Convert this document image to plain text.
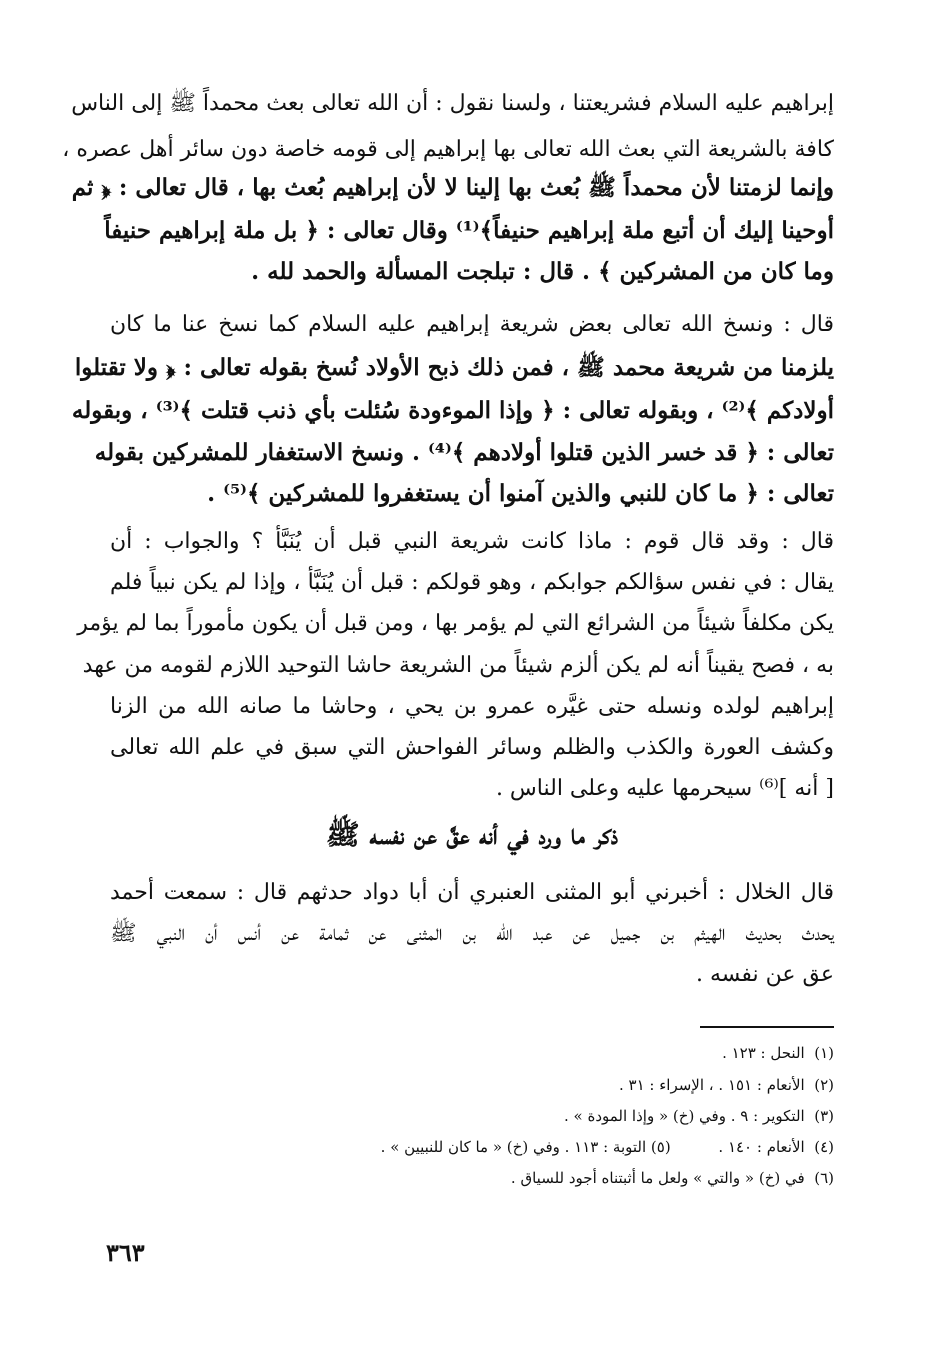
إبراهيم عليه السلام فشريعتنا ، ولسنا نقول : أن الله تعالى بعث محمداً ﷺ إلى الناس
كافة بالشريعة التي بعث الله تعالى بها إبراهيم إلى قومه خاصة دون سائر أهل عصره ،
وإنما لزمتنا لأن محمداً ﷺ بُعث بها إلينا لا لأن إبراهيم بُعث بها ، قال تعالى : ﴿ ثم
أوحينا إليك أن أتبع ملة إبراهيم حنيفاً﴾⁽¹⁾ وقال تعالى : ﴿ بل ملة إبراهيم حنيفاً
وما كان من المشركين ﴾ . قال : تبلجت المسألة والحمد لله .
قال : ونسخ الله تعالى بعض شريعة إبراهيم عليه السلام كما نسخ عنا ما كان
يلزمنا من شريعة محمد ﷺ ، فمن ذلك ذبح الأولاد نُسخ بقوله تعالى : ﴿ ولا تقتلوا
أولادكم ﴾⁽²⁾ ، وبقوله تعالى : ﴿ وإذا الموءودة سُئلت بأي ذنب قتلت ﴾⁽³⁾ ، وبقوله
تعالى : ﴿ قد خسر الذين قتلوا أولادهم ﴾⁽⁴⁾ . ونسخ الاستغفار للمشركين بقوله
تعالى : ﴿ ما كان للنبي والذين آمنوا أن يستغفروا للمشركين ﴾⁽⁵⁾ .
قال : وقد قال قوم : ماذا كانت شريعة النبي قبل أن يُنَبَّأ ؟ والجواب : أن
يقال : في نفس سؤالكم جوابكم ، وهو قولكم : قبل أن يُنَبَّأ ، وإذا لم يكن نبياً فلم
يكن مكلفاً شيئاً من الشرائع التي لم يؤمر بها ، ومن قبل أن يكون مأموراً بما لم يؤمر
به ، فصح يقيناً أنه لم يكن ألزم شيئاً من الشريعة حاشا التوحيد اللازم لقومه من عهد
إبراهيم لولده ونسله حتى غيَّره عمرو بن يحي ، وحاشا ما صانه الله من الزنا
وكشف العورة والكذب والظلم وسائر الفواحش التي سبق في علم الله تعالى
[ أنه ]⁽⁶⁾ سيحرمها عليه وعلى الناس .
ذكر ما ورد في أنه عقَّ عن نفسه ﷺ
قال الخلال : أخبرني أبو المثنى العنبري أن أبا دواد حدثهم قال : سمعت أحمد
يحدث بحديث الهيثم بن جميل عن عبد الله بن المثنى عن ثمامة عن أنس أن النبي ﷺ
عق عن نفسه .
(١)  النحل : ١٢٣ .
(٢)  الأنعام : ١٥١ . ، الإسراء : ٣١ .
(٣)  التكوير : ٩ . وفي (خ) « وإذا المودة » .
(٤)  الأنعام : ١٤٠ .          (٥) التوبة : ١١٣ . وفي (خ) « ما كان للنبيين » .
(٦)  في (خ) « والتي » ولعل ما أثبتناه أجود للسياق .
٣٦٣
